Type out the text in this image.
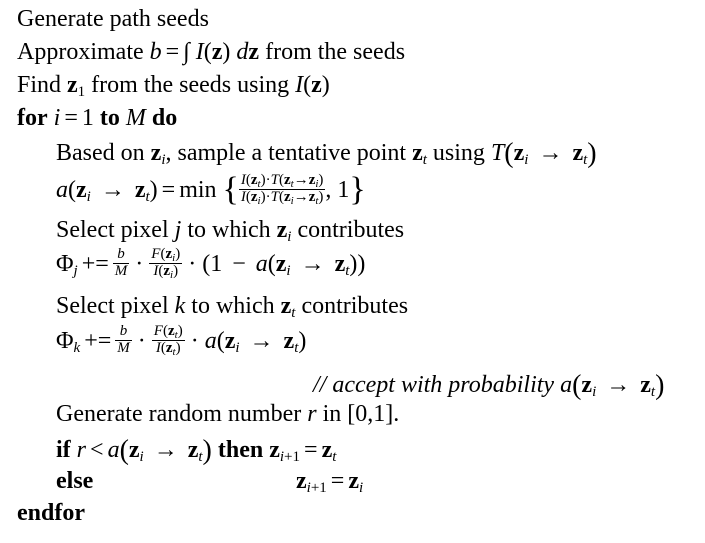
Generate path seeds
Approximate b = ∫ I(z) dz from the seeds
Find $z_1$ from the seeds using I(z)
for i = 1 to M do
Based on $z_i$, sample a tentative point $z_t$ using $T(z_i \to z_t)$
$a(z_i \to z_t) = \min$ { $\frac{I(z_t)\cdot T(z_t\to z_i)}{I(z_i)\cdot T(z_i\to z_t)}$ , 1}
Select pixel j to which $z_i$ contributes
$\Phi_j += \frac{b}{M} \cdot \frac{F(z_i)}{I(z_i)} \cdot (1 - a(z_i \to z_t))$
Select pixel k to which $z_t$ contributes
$\Phi_k += \frac{b}{M} \cdot \frac{F(z_t)}{I(z_t)} \cdot a(z_i \to z_t)$
// accept with probability $a(z_i \to z_t)$
Generate random number r in [0,1].
if $r < a(z_i \to z_t)$ then $z_{i+1} = z_t$
else	$z_{i+1} = z_i$
endfor
